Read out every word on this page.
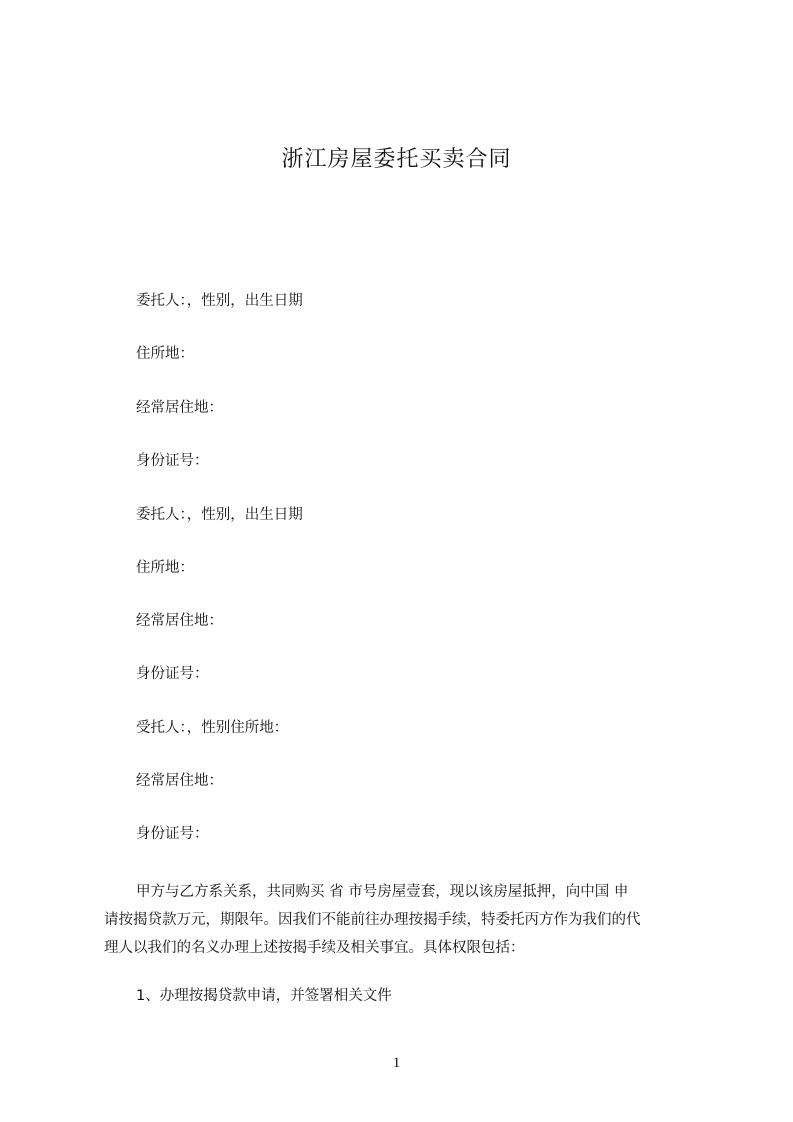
浙江房屋委托买卖合同
委托人：，性别，出生日期
住所地：
经常居住地：
身份证号：
委托人：，性别，出生日期
住所地：
经常居住地：
身份证号：
受托人：，性别住所地：
经常居住地：
身份证号：
甲方与乙方系关系，共同购买 省 市号房屋壹套，现以该房屋抵押，向中国 申
请按揭贷款万元，期限年。因我们不能前往办理按揭手续，特委托丙方作为我们的代
理人以我们的名义办理上述按揭手续及相关事宜。具体权限包括：
1、办理按揭贷款申请，并签署相关文件
1
